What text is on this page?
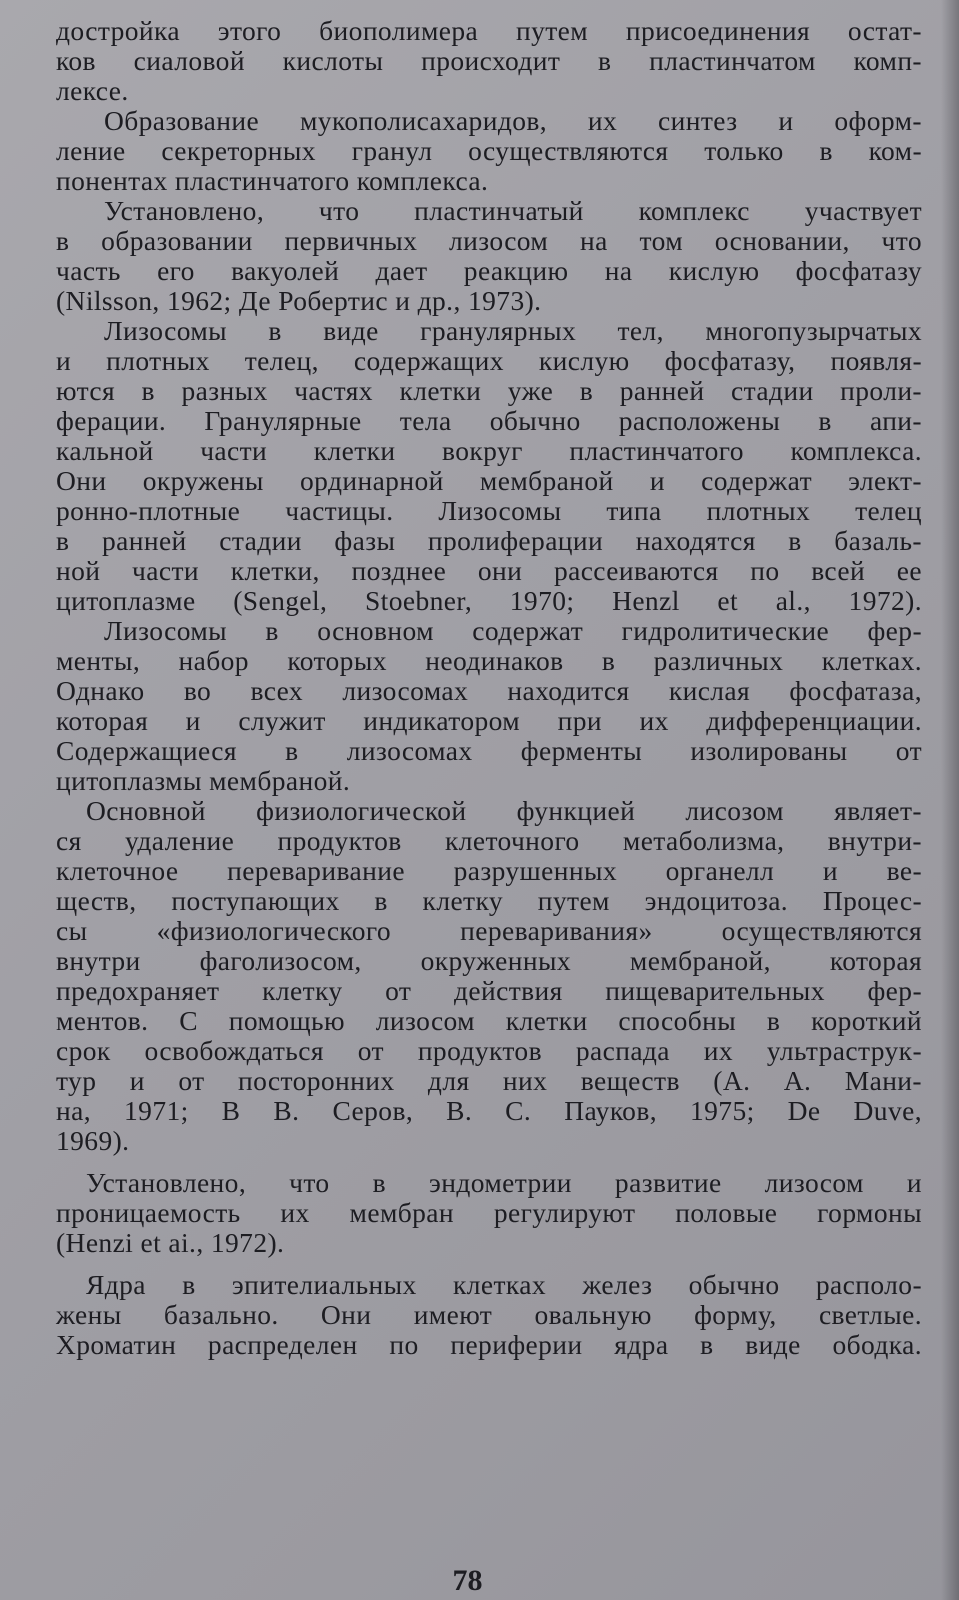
достройка этого биополимера путем присоединения остат-
ков сиаловой кислоты происходит в пластинчатом комп-
лексе.
Образование мукополисахаридов, их синтез и оформ-
ление секреторных гранул осуществляются только в ком-
понентах пластинчатого комплекса.
Установлено, что пластинчатый комплекс участвует
в образовании первичных лизосом на том основании, что
часть его вакуолей дает реакцию на кислую фосфатазу
(Nilsson, 1962; Де Робертис и др., 1973).
Лизосомы в виде гранулярных тел, многопузырчатых
и плотных телец, содержащих кислую фосфатазу, появля-
ются в разных частях клетки уже в ранней стадии проли-
ферации. Гранулярные тела обычно расположены в апи-
кальной части клетки вокруг пластинчатого комплекса.
Они окружены ординарной мембраной и содержат элект-
ронно-плотные частицы. Лизосомы типа плотных телец
в ранней стадии фазы пролиферации находятся в базаль-
ной части клетки, позднее они рассеиваются по всей ее
цитоплазме (Sengel, Stoebner, 1970; Henzl et al., 1972).
Лизосомы в основном содержат гидролитические фер-
менты, набор которых неодинаков в различных клетках.
Однако во всех лизосомах находится кислая фосфатаза,
которая и служит индикатором при их дифференциации.
Содержащиеся в лизосомах ферменты изолированы от
цитоплазмы мембраной.
Основной физиологической функцией лисозом являет-
ся удаление продуктов клеточного метаболизма, внутри-
клеточное переваривание разрушенных органелл и ве-
ществ, поступающих в клетку путем эндоцитоза. Процес-
сы «физиологического переваривания» осуществляются
внутри фаголизосом, окруженных мембраной, которая
предохраняет клетку от действия пищеварительных фер-
ментов. С помощью лизосом клетки способны в короткий
срок освобождаться от продуктов распада их ультраструк-
тур и от посторонних для них веществ (А. А. Мани-
на, 1971; В В. Серов, В. С. Пауков, 1975; De Duve,
1969).
Установлено, что в эндометрии развитие лизосом и
проницаемость их мембран регулируют половые гормоны
(Henzi et ai., 1972).
Ядра в эпителиальных клетках желез обычно располо-
жены базально. Они имеют овальную форму, светлые.
Хроматин распределен по периферии ядра в виде ободка.
78
